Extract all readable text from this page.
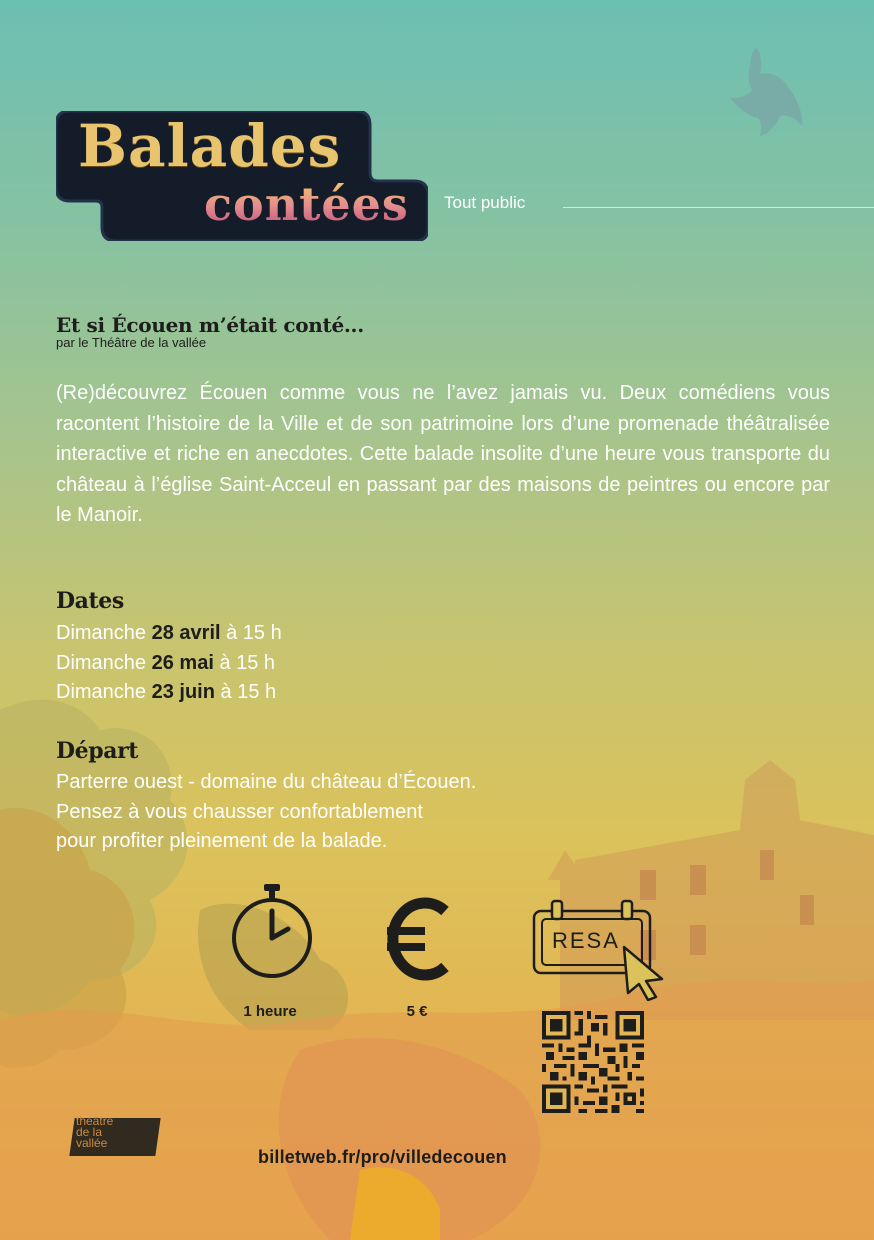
Balades
contées Tout public
Et si Écouen m’était conté...
par le Théâtre de la vallée

(Re)découvrez Écouen comme vous ne l’avez jamais vu. Deux comédiens vous racontent l’histoire de la Ville et de son patrimoine lors d’une promenade théâtralisée interactive et riche en anecdotes. Cette balade insolite d’une heure vous transporte du château à l’église Saint-Acceul en passant par des maisons de peintres ou encore par le Manoir.

Dates
Dimanche 28 avril à 15 h
Dimanche 26 mai à 15 h
Dimanche 23 juin à 15 h
Départ
Parterre ouest - domaine du château d’Écouen.
Pensez à vous chausser confortablement
pour profiter pleinement de la balade.
1 heure	5 €
RESA
théâtre
de la
vallée
billetweb.fr/pro/villedecouen
